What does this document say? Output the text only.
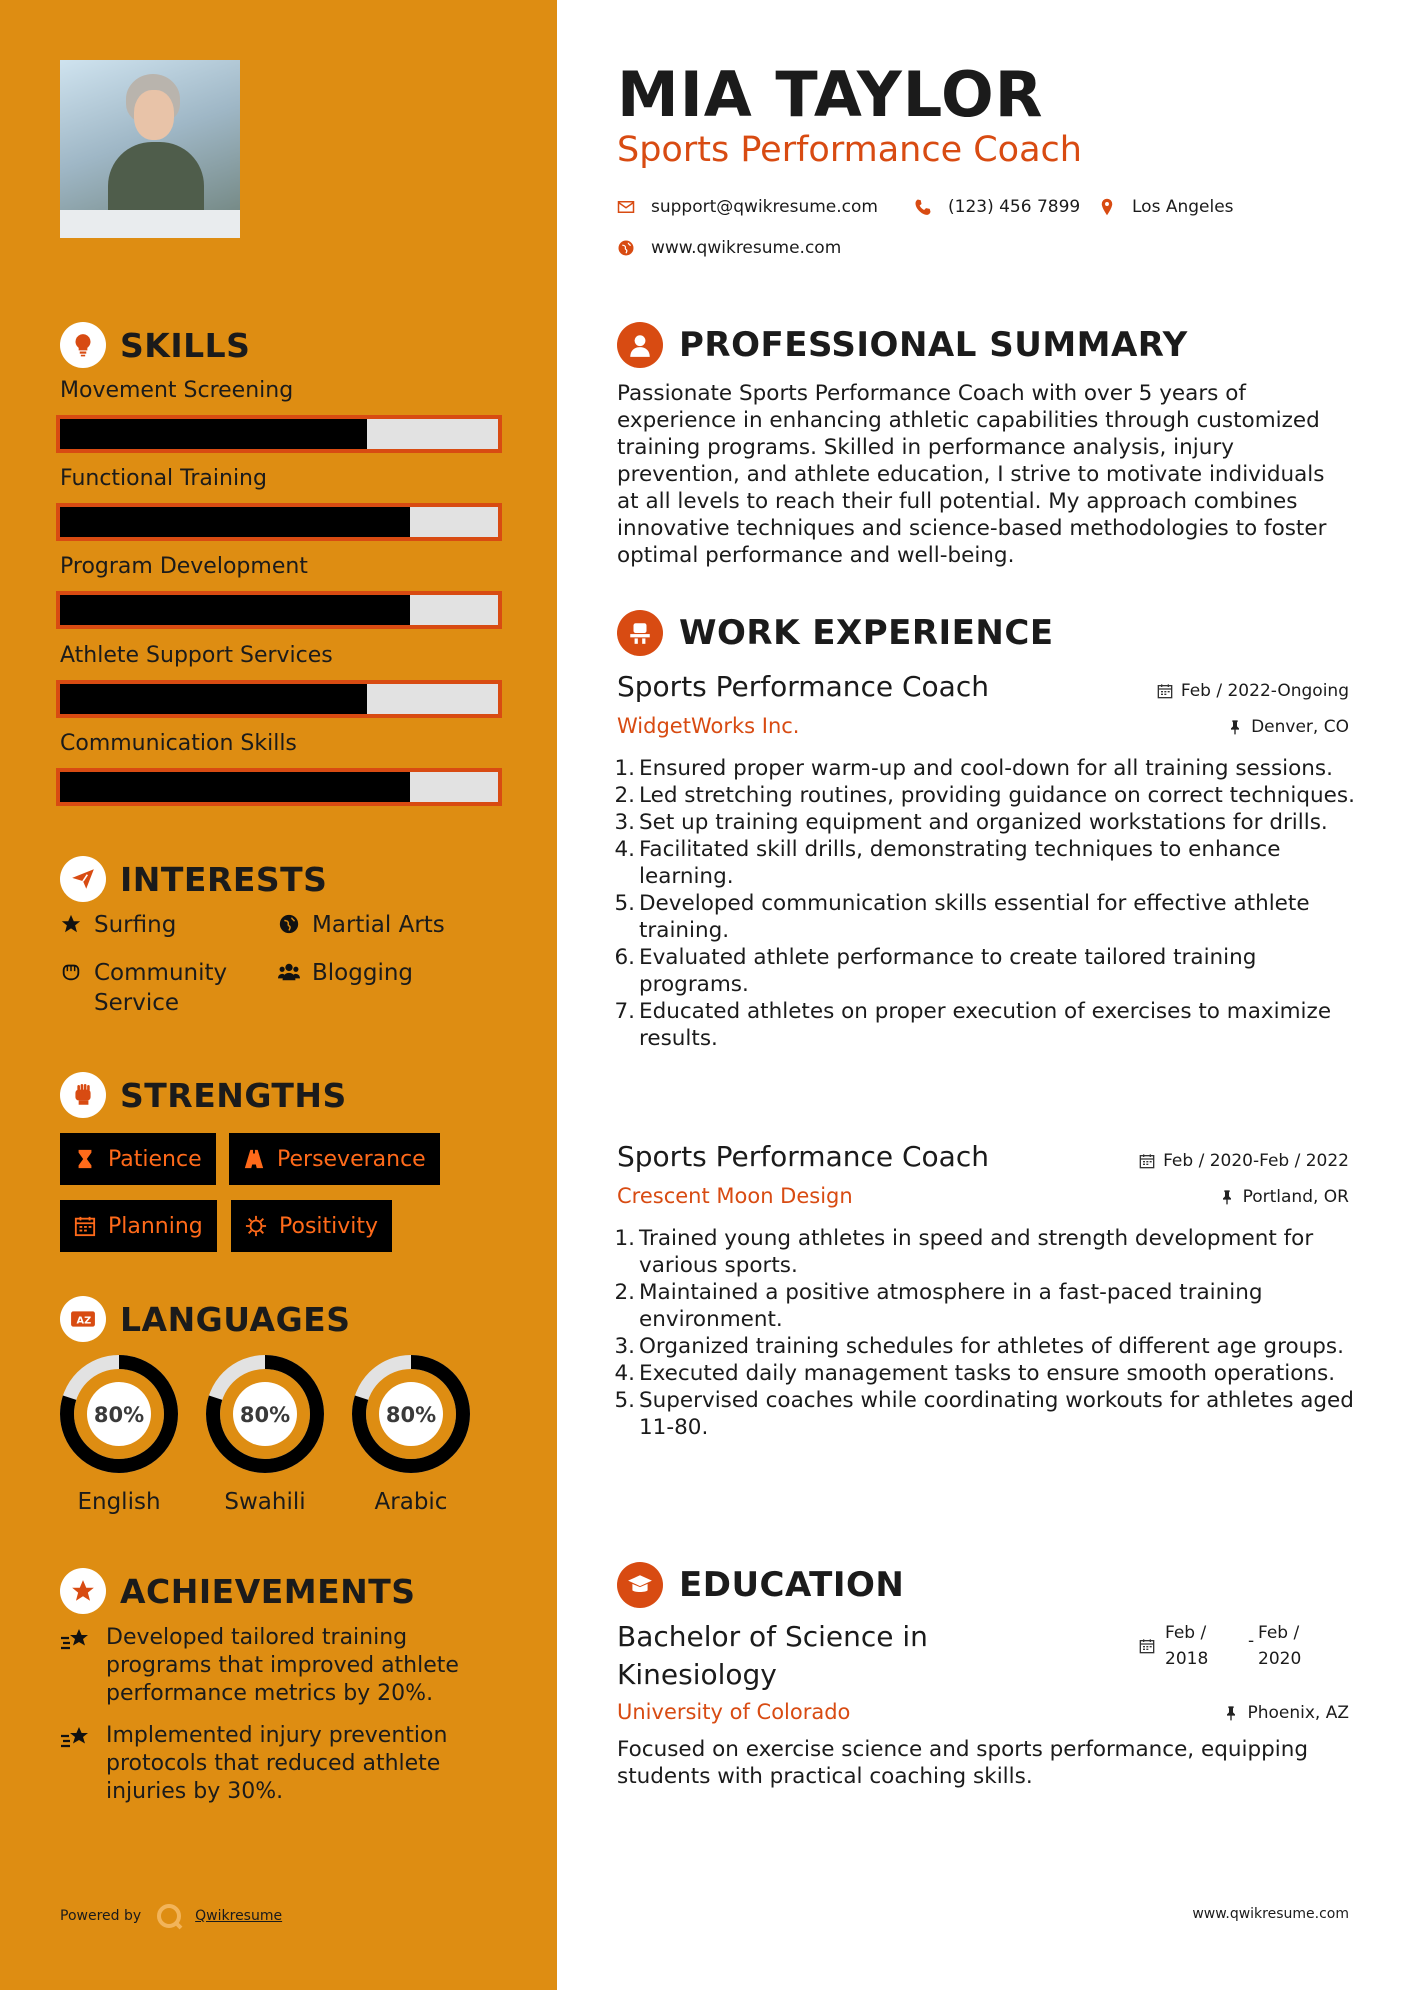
SKILLS
Movement Screening
Functional Training
Program Development
Athlete Support Services
Communication Skills
INTERESTS
Surfing	Martial Arts
Community Service
Blogging
STRENGTHS
Patience	Perseverance
Planning	Positivity
A Z LANGUAGES
80%
English
80%
Swahili
80%
Arabic
ACHIEVEMENTS
Developed tailored training programs that improved athlete performance metrics by 20%.
Implemented injury prevention protocols that reduced athlete injuries by 30%.
Powered by	Qwikresume
MIA TAYLOR
Sports Performance Coach
support@qwikresume.com	(123) 456 7899	Los Angeles
www.qwikresume.com
PROFESSIONAL SUMMARY
Passionate Sports Performance Coach with over 5 years of experience in enhancing athletic capabilities through customized training programs. Skilled in performance analysis, injury prevention, and athlete education, I strive to motivate individuals at all levels to reach their full potential. My approach combines innovative techniques and science-based methodologies to foster optimal performance and well-being.
WORK EXPERIENCE
Sports Performance Coach	Feb / 2022-Ongoing
WidgetWorks Inc.	Denver, CO
1. Ensured proper warm-up and cool-down for all training sessions.
2. Led stretching routines, providing guidance on correct techniques.
3. Set up training equipment and organized workstations for drills.
4. Facilitated skill drills, demonstrating techniques to enhance learning.
5. Developed communication skills essential for effective athlete training.
6. Evaluated athlete performance to create tailored training programs.
7. Educated athletes on proper execution of exercises to maximize results.
Sports Performance Coach	Feb / 2020-Feb / 2022
Crescent Moon Design	Portland, OR
1. Trained young athletes in speed and strength development for various sports.
2. Maintained a positive atmosphere in a fast-paced training environment.
3. Organized training schedules for athletes of different age groups.
4. Executed daily management tasks to ensure smooth operations.
5. Supervised coaches while coordinating workouts for athletes aged 11-80.
EDUCATION
Bachelor of Science in Kinesiology
Feb / 2018
- Feb / 2020
University of Colorado	Phoenix, AZ
Focused on exercise science and sports performance, equipping students with practical coaching skills.
www.qwikresume.com
